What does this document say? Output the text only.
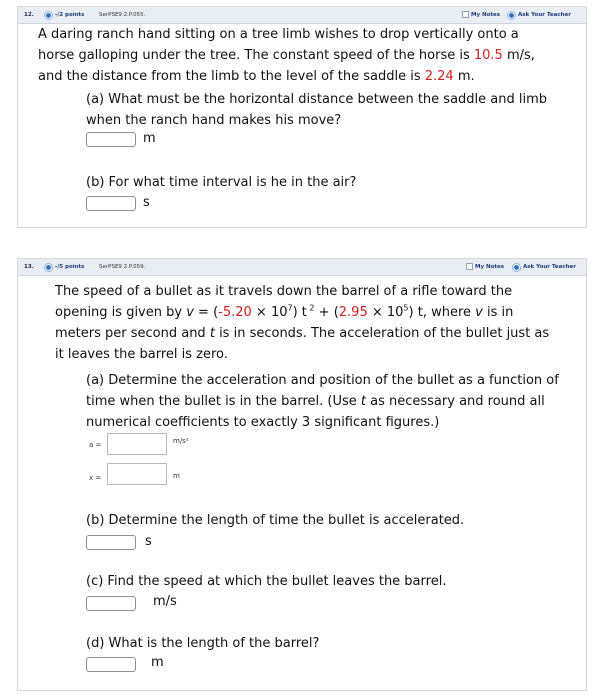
12.	-/2 points	SerPSE9 2.P.055.	My Notes	Ask Your Teacher
A daring ranch hand sitting on a tree limb wishes to drop vertically onto a
horse galloping under the tree. The constant speed of the horse is 10.5 m/s,
and the distance from the limb to the level of the saddle is 2.24 m.
(a) What must be the horizontal distance between the saddle and limb
when the ranch hand makes his move?
m
(b) For what time interval is he in the air?
s
13.	-/5 points	SerPSE9 2.P.059.	My Notes	Ask Your Teacher
The speed of a bullet as it travels down the barrel of a rifle toward the
opening is given by $v = (-5.20 \times 10^7)$ t $^2 + (2.95 \times 10^5)$ t, where v is in
meters per second and t is in seconds. The acceleration of the bullet just as
it leaves the barrel is zero.
(a) Determine the acceleration and position of the bullet as a function of
time when the bullet is in the barrel. (Use t as necessary and round all
numerical coefficients to exactly 3 significant figures.)
a =	m/s²
x =	m
(b) Determine the length of time the bullet is accelerated.
s
(c) Find the speed at which the bullet leaves the barrel.
m/s
(d) What is the length of the barrel?
m
